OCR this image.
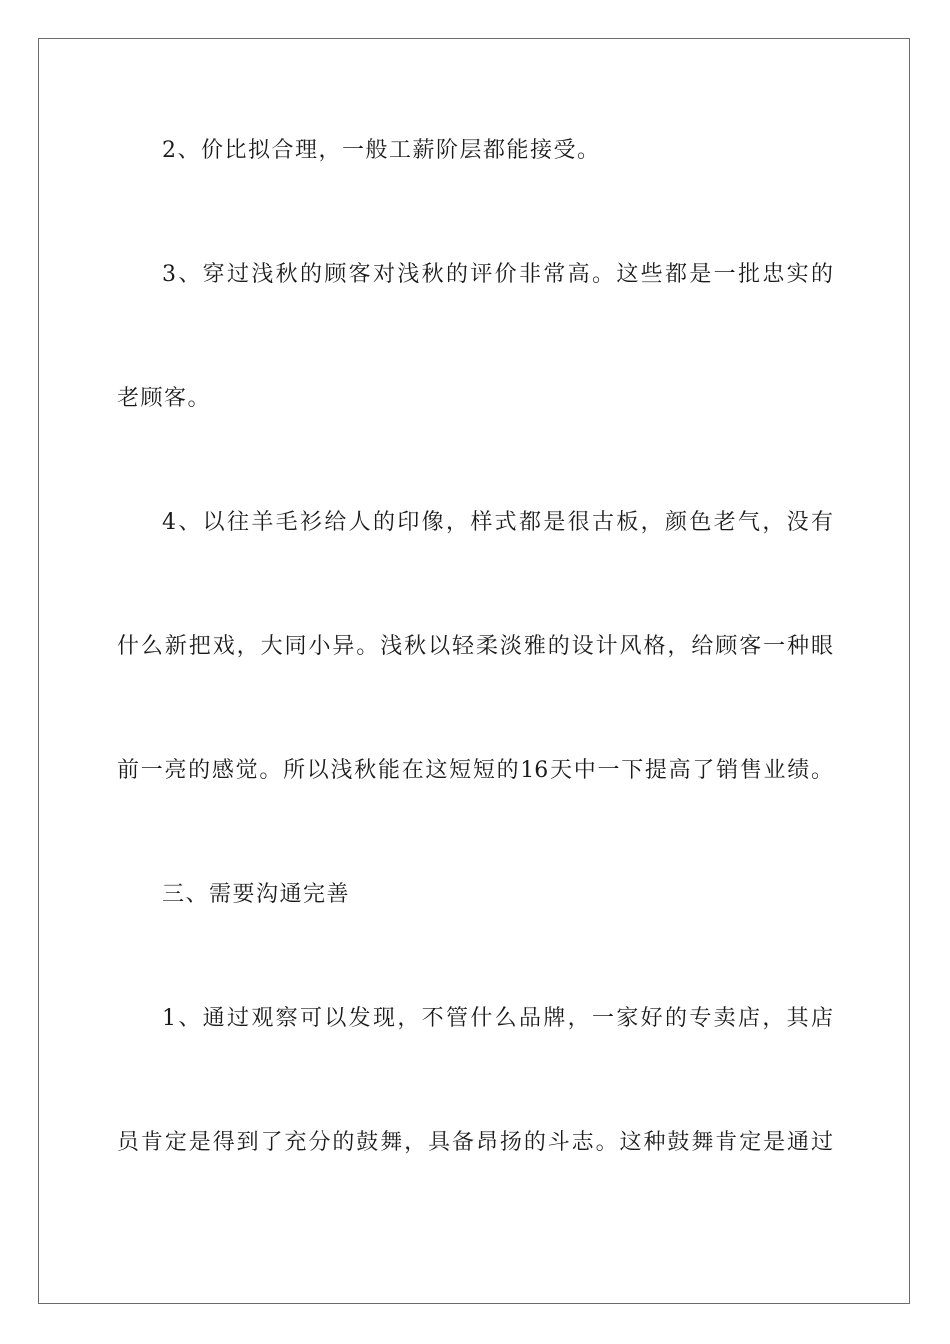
2、价比拟合理，一般工薪阶层都能接受。
3、穿过浅秋的顾客对浅秋的评价非常高。这些都是一批忠实的
老顾客。
4、以往羊毛衫给人的印像，样式都是很古板，颜色老气，没有
什么新把戏，大同小异。浅秋以轻柔淡雅的设计风格，给顾客一种眼
前一亮的感觉。所以浅秋能在这短短的16天中一下提高了销售业绩。
三、需要沟通完善
1、通过观察可以发现，不管什么品牌，一家好的专卖店，其店
员肯定是得到了充分的鼓舞，具备昂扬的斗志。这种鼓舞肯定是通过
